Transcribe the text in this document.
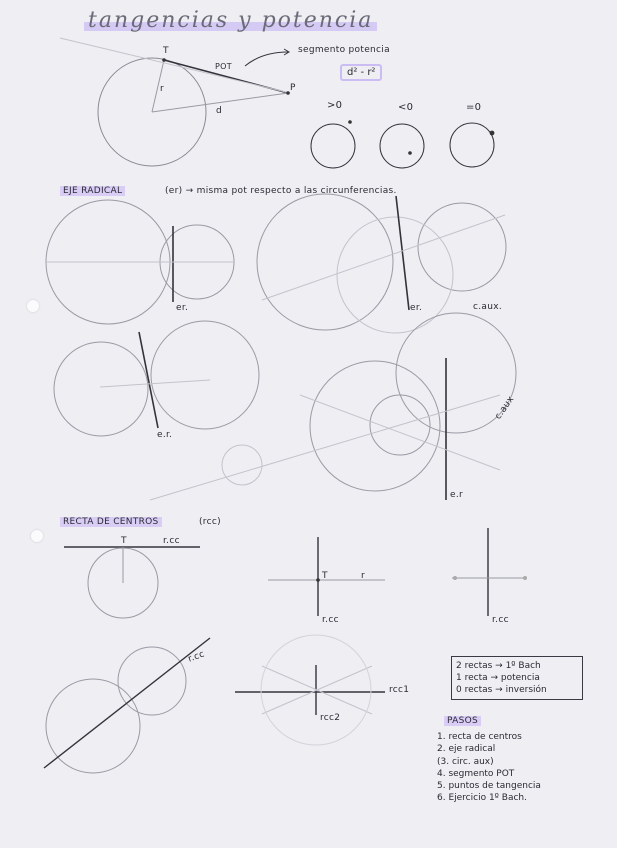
tangencias y potencia
T
P
r
d
POT
segmento potencia
d² - r²
>0	<0	=0
EJE RADICAL	(er) → misma pot respecto a las circunferencias.
er.	er.	c.aux.
e.r.
c.aux
e.r
RECTA DE CENTROS	(rcc)
T	r.cc
T	r
r.cc	r.cc
r.cc
rcc1
rcc2
2 rectas → 1º Bach
1 recta → potencia
0 rectas → inversión
PASOS
1. recta de centros
2. eje radical
(3. circ. aux)
4. segmento POT
5. puntos de tangencia
6. Ejercicio 1º Bach.
